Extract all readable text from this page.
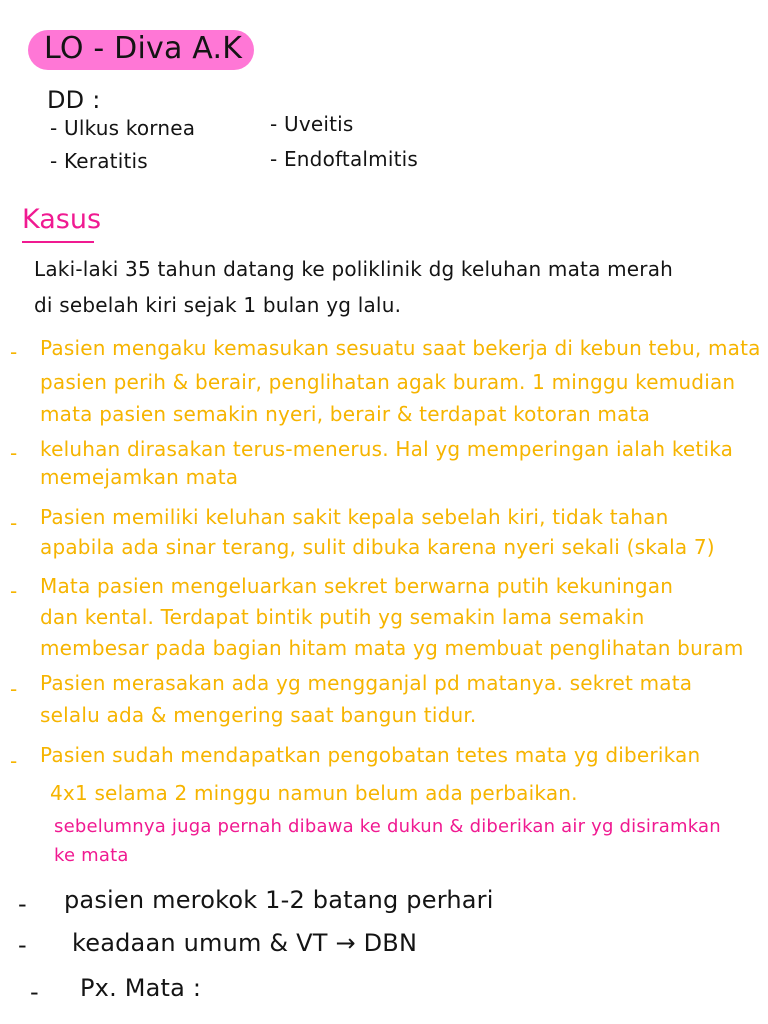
LO - Diva A.K
DD :
- Ulkus kornea
- Keratitis
- Uveitis
- Endoftalmitis
Kasus
Laki-laki 35 tahun datang ke poliklinik dg keluhan mata merah
di sebelah kiri sejak 1 bulan yg lalu.
- Pasien mengaku kemasukan sesuatu saat bekerja di kebun tebu, mata
pasien perih & berair, penglihatan agak buram. 1 minggu kemudian
mata pasien semakin nyeri, berair & terdapat kotoran mata
- keluhan dirasakan terus-menerus. Hal yg memperingan ialah ketika
memejamkan mata
- Pasien memiliki keluhan sakit kepala sebelah kiri, tidak tahan
apabila ada sinar terang, sulit dibuka karena nyeri sekali (skala 7)
- Mata pasien mengeluarkan sekret berwarna putih kekuningan
dan kental. Terdapat bintik putih yg semakin lama semakin
membesar pada bagian hitam mata yg membuat penglihatan buram
- Pasien merasakan ada yg mengganjal pd matanya. sekret mata
selalu ada & mengering saat bangun tidur.
- Pasien sudah mendapatkan pengobatan tetes mata yg diberikan
4x1 selama 2 minggu namun belum ada perbaikan.
sebelumnya juga pernah dibawa ke dukun & diberikan air yg disiramkan
ke mata
- pasien merokok 1-2 batang perhari
- keadaan umum & VT → DBN
- Px. Mata :
